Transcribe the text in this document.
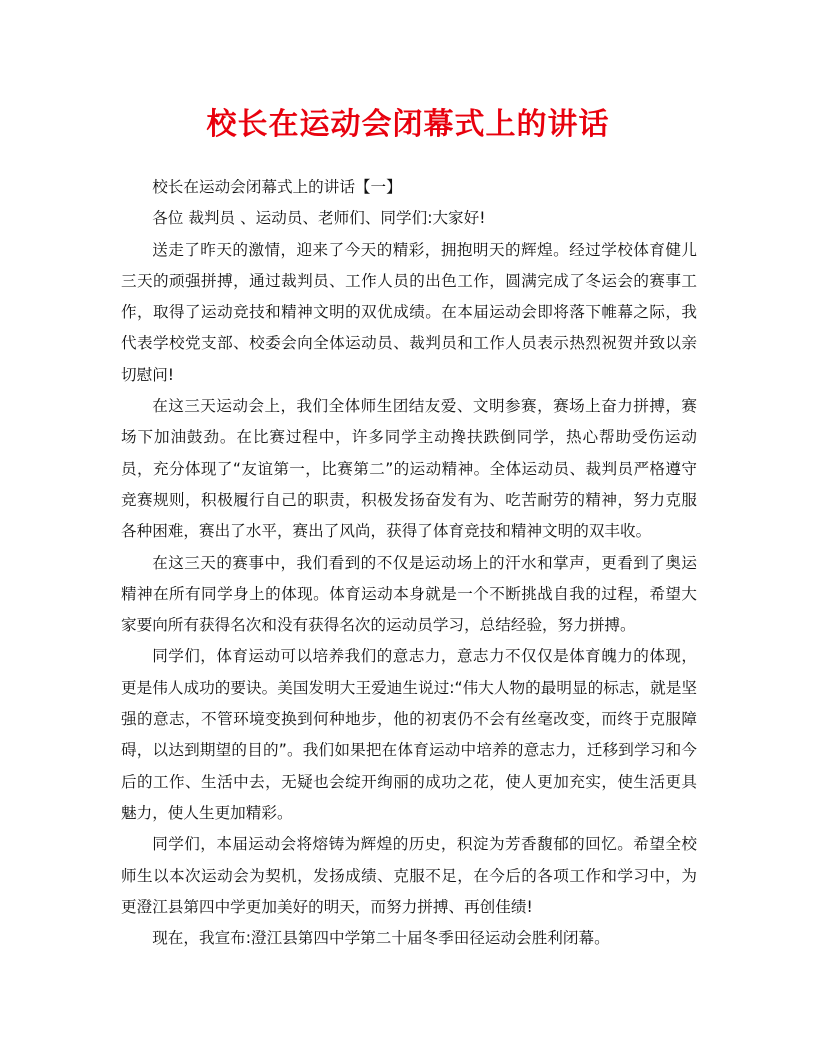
校长在运动会闭幕式上的讲话

校长在运动会闭幕式上的讲话【一】

各位 裁判员 、运动员、老师们、同学们:大家好!

送走了昨天的激情，迎来了今天的精彩，拥抱明天的辉煌。经过学校体育健儿三天的顽强拼搏，通过裁判员、工作人员的出色工作，圆满完成了冬运会的赛事工作，取得了运动竞技和精神文明的双优成绩。在本届运动会即将落下帷幕之际，我代表学校党支部、校委会向全体运动员、裁判员和工作人员表示热烈祝贺并致以亲切慰问!

在这三天运动会上，我们全体师生团结友爱、文明参赛，赛场上奋力拼搏，赛场下加油鼓劲。在比赛过程中，许多同学主动搀扶跌倒同学，热心帮助受伤运动员，充分体现了“友谊第一，比赛第二”的运动精神。全体运动员、裁判员严格遵守竞赛规则，积极履行自己的职责，积极发扬奋发有为、吃苦耐劳的精神，努力克服各种困难，赛出了水平，赛出了风尚，获得了体育竞技和精神文明的双丰收。

在这三天的赛事中，我们看到的不仅是运动场上的汗水和掌声，更看到了奥运精神在所有同学身上的体现。体育运动本身就是一个不断挑战自我的过程，希望大家要向所有获得名次和没有获得名次的运动员学习，总结经验，努力拼搏。

同学们，体育运动可以培养我们的意志力，意志力不仅仅是体育魄力的体现，更是伟人成功的要诀。美国发明大王爱迪生说过:“伟大人物的最明显的标志，就是坚强的意志，不管环境变换到何种地步，他的初衷仍不会有丝毫改变，而终于克服障碍，以达到期望的目的”。我们如果把在体育运动中培养的意志力，迁移到学习和今后的工作、生活中去，无疑也会绽开绚丽的成功之花，使人更加充实，使生活更具魅力，使人生更加精彩。

同学们，本届运动会将熔铸为辉煌的历史，积淀为芳香馥郁的回忆。希望全校师生以本次运动会为契机，发扬成绩、克服不足，在今后的各项工作和学习中，为更澄江县第四中学更加美好的明天，而努力拼搏、再创佳绩!

现在，我宣布:澄江县第四中学第二十届冬季田径运动会胜利闭幕。
